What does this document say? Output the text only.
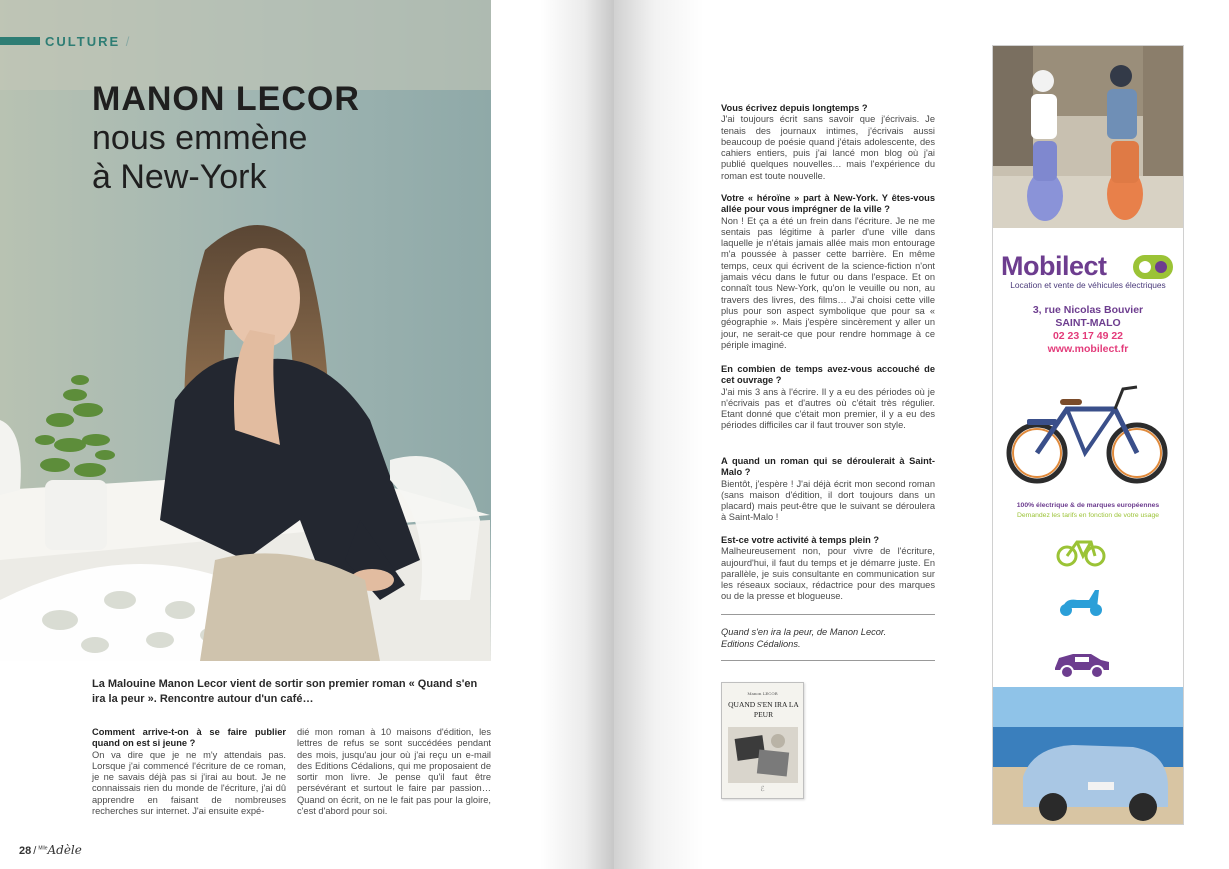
CULTURE /
MANON LECOR
nous emmène
à New-York

La Malouine Manon Lecor vient de sortir son premier roman « Quand s'en ira la peur ». Rencontre autour d'un café…

Comment arrive-t-on à se faire publier quand on est si jeune ?
On va dire que je ne m'y attendais pas. Lorsque j'ai commencé l'écriture de ce roman, je ne savais déjà pas si j'irai au bout. Je ne connaissais rien du monde de l'écriture, j'ai dû apprendre en faisant de nombreuses recherches sur internet. J'ai ensuite expé-
dié mon roman à 10 maisons d'édition, les lettres de refus se sont succédées pendant des mois, jusqu'au jour où j'ai reçu un e-mail des Editions Cédalions, qui me proposaient de sortir mon livre. Je pense qu'il faut être persévérant et surtout le faire par passion… Quand on écrit, on ne le fait pas pour la gloire, c'est d'abord pour soi.
28 / $^{Mlle}$Adèle
Vous écrivez depuis longtemps ?
J'ai toujours écrit sans savoir que j'écrivais. Je tenais des journaux intimes, j'écrivais aussi beaucoup de poésie quand j'étais adolescente, des cahiers entiers, puis j'ai lancé mon blog où j'ai publié quelques nouvelles… mais l'expérience du roman est toute nouvelle.
Votre « héroïne » part à New-York. Y êtes-vous allée pour vous imprégner de la ville ?
Non ! Et ça a été un frein dans l'écriture. Je ne me sentais pas légitime à parler d'une ville dans laquelle je n'étais jamais allée mais mon entourage m'a poussée à passer cette barrière. En même temps, ceux qui écrivent de la science-fiction n'ont jamais vécu dans le futur ou dans l'espace. Et on connaît tous New-York, qu'on le veuille ou non, au travers des livres, des films… J'ai choisi cette ville plus pour son aspect symbolique que pour sa « géographie ». Mais j'espère sincèrement y aller un jour, ne serait-ce que pour rendre hommage à ce périple imaginé.
En combien de temps avez-vous accouché de cet ouvrage ?
J'ai mis 3 ans à l'écrire. Il y a eu des périodes où je n'écrivais pas et d'autres où c'était très régulier. Etant donné que c'était mon premier, il y a eu des périodes difficiles car il faut trouver son style.
A quand un roman qui se déroulerait à Saint-Malo ?
Bientôt, j'espère ! J'ai déjà écrit mon second roman (sans maison d'édition, il dort toujours dans un placard) mais peut-être que le suivant se déroulera à Saint-Malo !
Est-ce votre activité à temps plein ?
Malheureusement non, pour vivre de l'écriture, aujourd'hui, il faut du temps et je démarre juste. En parallèle, je suis consultante en communication sur les réseaux sociaux, rédactrice pour des marques ou de la presse et blogueuse.
Quand s'en ira la peur, de Manon Lecor.
Editions Cédalions.
Manon LECOR
QUAND S'EN IRA LA PEUR
ℰ
Mobilect
Location et vente de véhicules électriques
3, rue Nicolas Bouvier
SAINT-MALO
02 23 17 49 22
www.mobilect.fr
100% électrique & de marques européennes
Demandez les tarifs en fonction de votre usage
